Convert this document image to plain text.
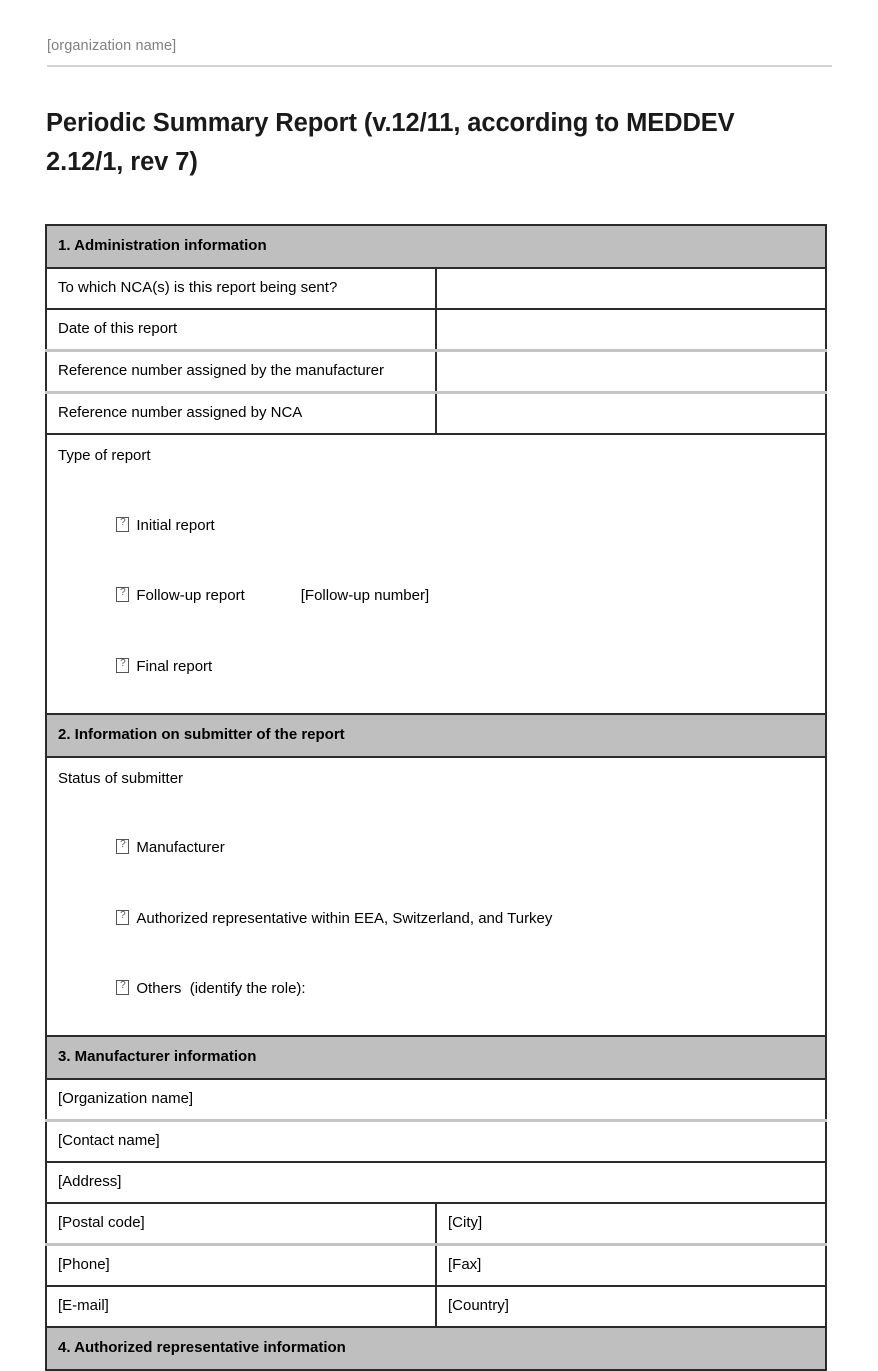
[organization name]
Periodic Summary Report (v.12/11, according to MEDDEV 2.12/1, rev 7)
1. Administration information	
To which NCA(s) is this report being sent?	
Date of this report	
Reference number assigned by the manufacturer	
Reference number assigned by NCA	

Type of report

?Initial report

?Follow-up report [Follow-up number]

?Final report

2. Information on submitter of the report	

Status of submitter

?Manufacturer

?Authorized representative within EEA, Switzerland, and Turkey

?Others  (identify the role):

3. Manufacturer information	
[Organization name]	
[Contact name]	
[Address]	
[Postal code]	[City]
[Phone]	[Fax]
[E-mail]	[Country]
4. Authorized representative information	
